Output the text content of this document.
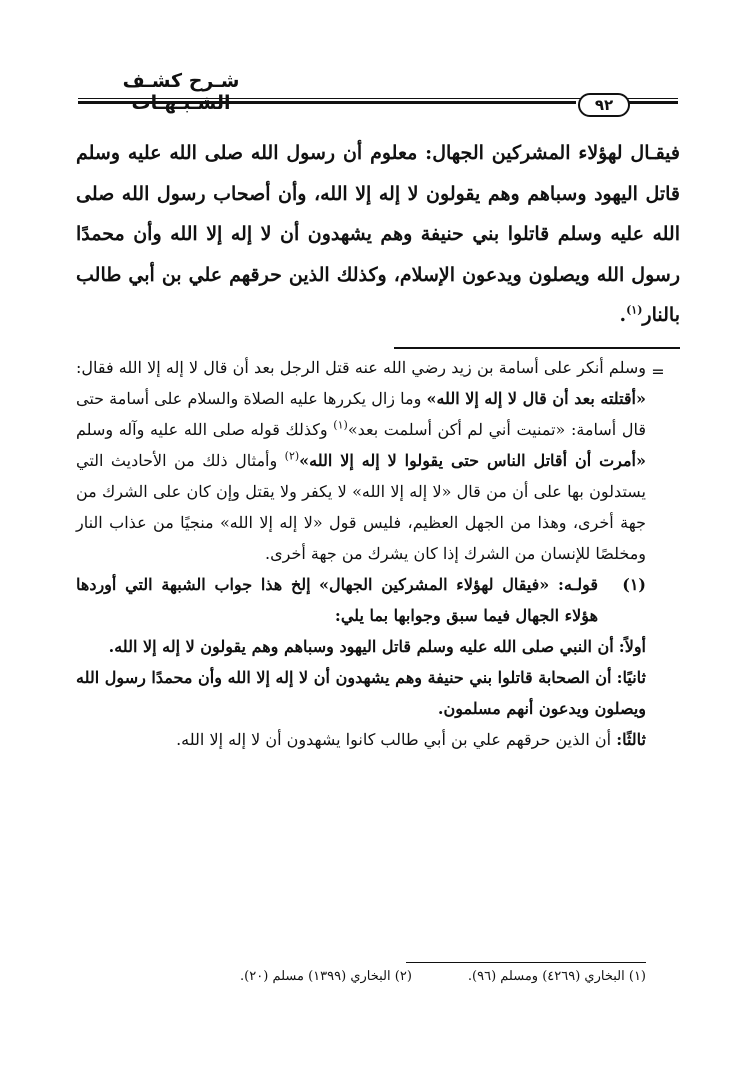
شـرح كشـف
٩٢

فيقـال لهؤلاء المشركين الجهال: معلوم أن رسول الله صلى الله عليه وسلم قاتل اليهود وسباهم وهم يقولون لا إله إلا الله، وأن أصحاب رسول الله صلى الله عليه وسلم قاتلوا بني حنيفة وهم يشهدون أن لا إله إلا الله وأن محمدًا رسول الله ويصلون ويدعون الإسلام، وكذلك الذين حرقهم علي بن أبي طالب بالنار$^{(١)}$.

=

وسلم أنكر على أسامة بن زيد رضي الله عنه قتل الرجل بعد أن قال لا إله إلا الله فقال: «أقتلته بعد أن قال لا إله إلا الله» وما زال يكررها عليه الصلاة والسلام على أسامة حتى قال أسامة: «تمنيت أني لم أكن أسلمت بعد»$^{(١)}$ وكذلك قوله صلى الله عليه وآله وسلم «أمرت أن أقاتل الناس حتى يقولوا لا إله إلا الله»$^{(٢)}$ وأمثال ذلك من الأحاديث التي يستدلون بها على أن من قال «لا إله إلا الله» لا يكفر ولا يقتل وإن كان على الشرك من جهة أخرى، وهذا من الجهل العظيم، فليس قول «لا إله إلا الله» منجيًا من عذاب النار ومخلصًا للإنسان من الشرك إذا كان يشرك من جهة أخرى.

(١)
قولـه: «فيقال لهؤلاء المشركين الجهال» إلخ هذا جواب الشبهة التي أوردها هؤلاء الجهال فيما سبق وجوابها بما يلي:

أولاً: أن النبي صلى الله عليه وسلم قاتل اليهود وسباهم وهم يقولون لا إله إلا الله.

ثانيًا: أن الصحابة قاتلوا بني حنيفة وهم يشهدون أن لا إله إلا الله وأن محمدًا رسول الله ويصلون ويدعون أنهم مسلمون.

ثالثًا: أن الذين حرقهم علي بن أبي طالب كانوا يشهدون أن لا إله إلا الله.

(١) البخاري (٤٢٦٩) ومسلم (٩٦).
(٢) البخاري (١٣٩٩) مسلم (٢٠).
